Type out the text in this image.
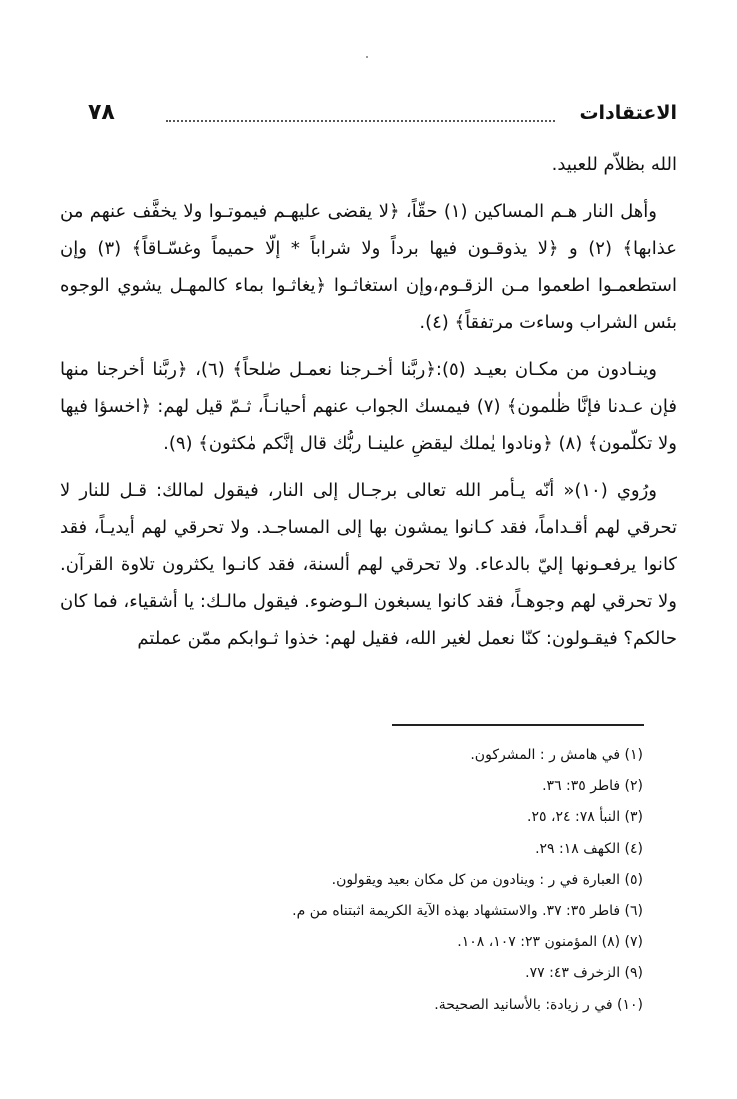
الاعتقادات
٧٨

الله بظلاّم للعبيد.

وأهل النار هـم المساكين (١) حقّاً، ﴿لا يقضى عليهـم فيموتـوا ولا يخفَّف عنهم من عذابها﴾ (٢) و ﴿لا يذوقـون فيها برداً ولا شراباً * إلّا حميماً وغسّـاقاً﴾ (٣) وإن استطعمـوا اطعموا مـن الزقـوم،وإن استغاثـوا ﴿يغاثـوا بماء كالمهـل يشوي الوجوه بئس الشراب وساءت مرتفقاً﴾ (٤).

وينـادون من مكـان بعيـد (٥):﴿ربَّنا أخـرجنا نعمـل صٰلحاً﴾ (٦)، ﴿ربَّنا أخرجنا منها فإن عـدنا فإنَّا ظٰلمون﴾ (٧) فيمسك الجواب عنهم أحيانـاً، ثـمّ قيل لهم: ﴿اخسؤا فيها ولا تكلّمون﴾ (٨) ﴿ونادوا يٰملك ليقضِ علينـا ربُّك قال إنَّكم مٰكثون﴾ (٩).

ورُوي (١٠)« أنّه يـأمر الله تعالى برجـال إلى النار، فيقول لمالك: قـل للنار لا تحرقي لهم أقـداماً، فقد كـانوا يمشون بها إلى المساجـد. ولا تحرقي لهم أيديـاً، فقد كانوا يرفعـونها إليّ بالدعاء. ولا تحرقي لهم ألسنة، فقد كانـوا يكثرون تلاوة القرآن. ولا تحرقي لهم وجوهـاً، فقد كانوا يسبغون الـوضوء. فيقول مالـك: يا أشقياء، فما كان حالكم؟ فيقـولون: كنّا نعمل لغير الله، فقيل لهم: خذوا ثـوابكم ممّن عملتم

(١) في هامش ر : المشركون.
(٢) فاطر ٣٥: ٣٦.
(٣) النبأ ٧٨: ٢٤، ٢٥.
(٤) الكهف ١٨: ٢٩.
(٥) العبارة في ر : وينادون من كل مكان بعيد ويقولون.
(٦) فاطر ٣٥: ٣٧. والاستشهاد بهذه الآية الكريمة اثبتناه من م.
(٧) (٨) المؤمنون ٢٣: ١٠٧، ١٠٨.
(٩) الزخرف ٤٣: ٧٧.
(١٠) في ر زيادة: بالأسانيد الصحيحة.
